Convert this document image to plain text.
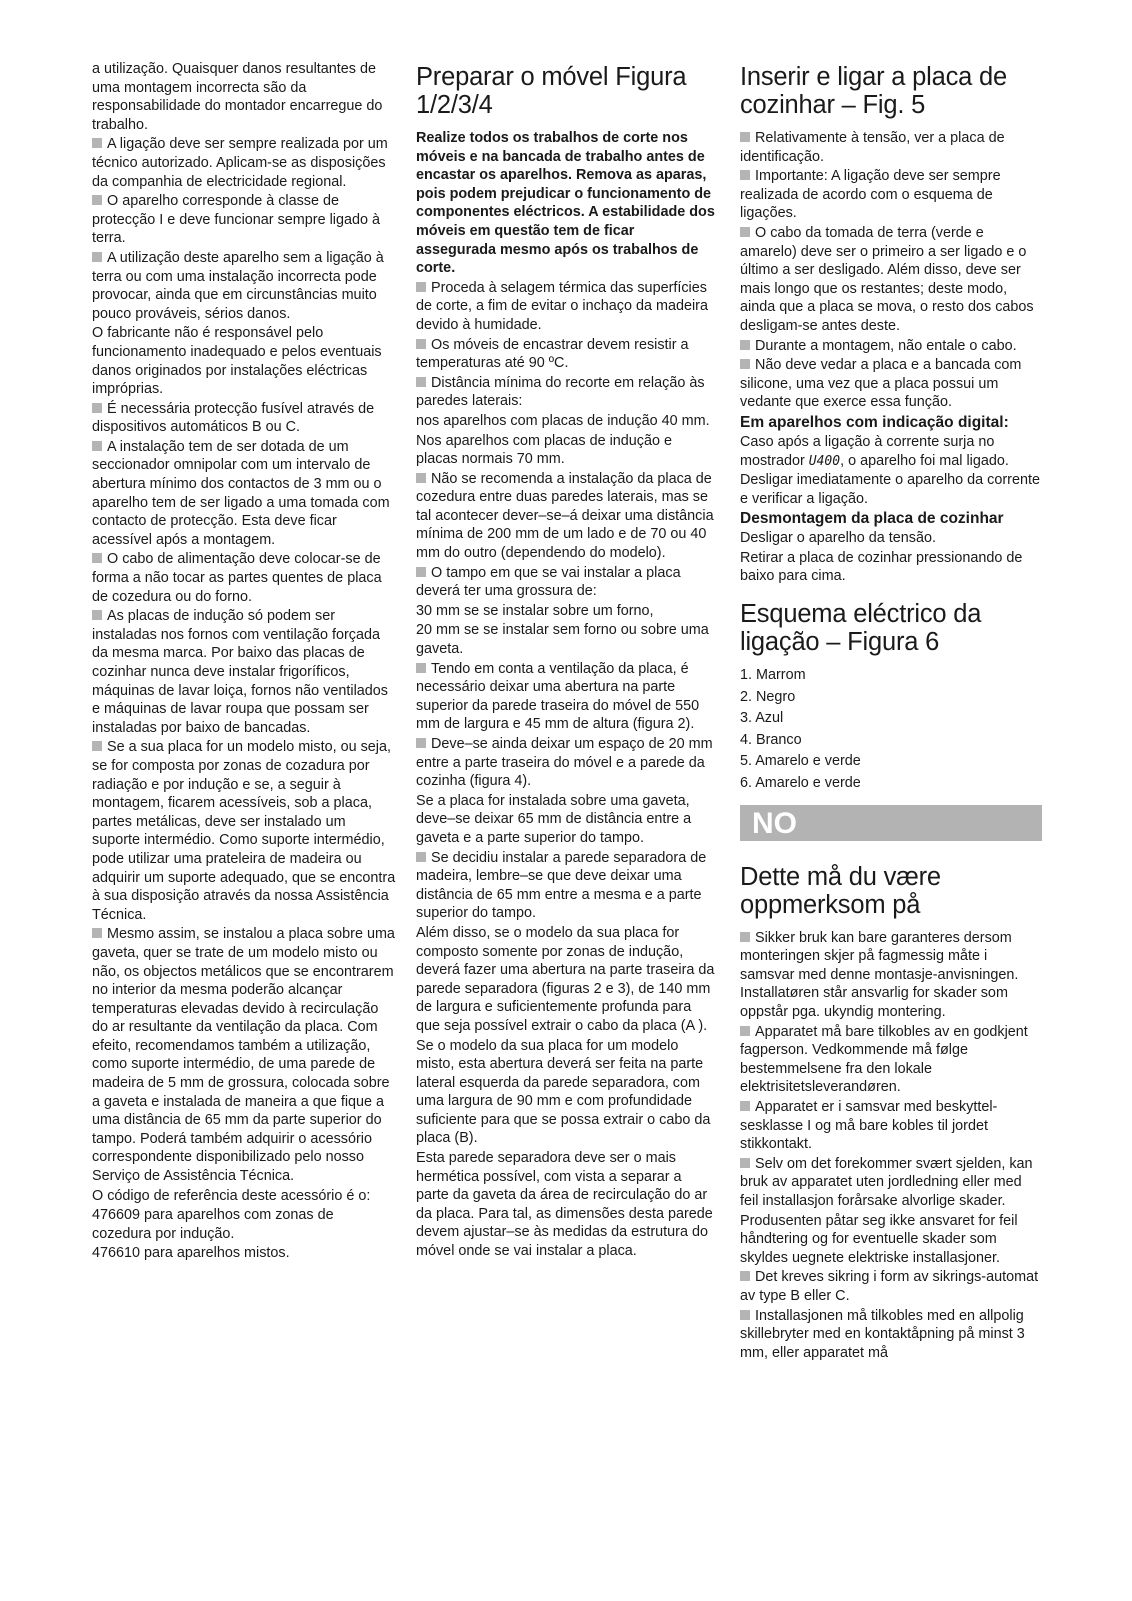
a utilização. Quaisquer danos resultantes de uma montagem incorrecta são da responsabilidade do montador encarregue do trabalho.
A ligação deve ser sempre realizada por um técnico autorizado. Aplicam-se as disposições da companhia de electricidade regional.
O aparelho corresponde à classe de protecção I e deve funcionar sempre ligado à terra.
A utilização deste aparelho sem a ligação à terra ou com uma instalação incorrecta pode provocar, ainda que em circunstâncias muito pouco prováveis, sérios danos.
O fabricante não é responsável pelo funcionamento inadequado e pelos eventuais danos originados por instalações eléctricas impróprias.
É necessária protecção fusível através de dispositivos automáticos B ou C.
A instalação tem de ser dotada de um seccionador omnipolar com um intervalo de abertura mínimo dos contactos de 3 mm ou o aparelho tem de ser ligado a uma tomada com contacto de protecção. Esta deve ficar acessível após a montagem.
O cabo de alimentação deve colocar-se de forma a não tocar as partes quentes de placa de cozedura ou do forno.
As placas de indução só podem ser instaladas nos fornos com ventilação forçada da mesma marca. Por baixo das placas de cozinhar nunca deve instalar frigoríficos, máquinas de lavar loiça, fornos não ventilados e máquinas de lavar roupa que possam ser instaladas por baixo de bancadas.
Se a sua placa for un modelo misto, ou seja, se for composta por zonas de cozadura por radiação e por indução e se, a seguir à montagem, ficarem acessíveis, sob a placa, partes metálicas, deve ser instalado um suporte intermédio. Como suporte intermédio, pode utilizar uma prateleira de madeira ou adquirir um suporte adequado, que se encontra à sua disposição através da nossa Assistência Técnica.
Mesmo assim, se instalou a placa sobre uma gaveta, quer se trate de um modelo misto ou não, os objectos metálicos que se encontrarem no interior da mesma poderão alcançar temperaturas elevadas devido à recirculação do ar resultante da ventilação da placa. Com efeito, recomendamos também a utilização, como suporte intermédio, de uma parede de madeira de 5 mm de grossura, colocada sobre a gaveta e instalada de maneira a que fique a uma distância de 65 mm da parte superior do tampo. Poderá também adquirir o acessório correspondente disponibilizado pelo nosso Serviço de Assistência Técnica.
O código de referência deste acessório é o:
476609 para aparelhos com zonas de cozedura por indução.
476610 para aparelhos mistos.
Preparar o móvel Figura 1/2/3/4
Realize todos os trabalhos de corte nos móveis e na bancada de trabalho antes de encastar os aparelhos. Remova as aparas, pois podem prejudicar o funcionamento de componentes eléctricos. A estabilidade dos móveis em questão tem de ficar assegurada mesmo após os trabalhos de corte.
Proceda à selagem térmica das superfícies de corte, a fim de evitar o inchaço da madeira devido à humidade.
Os móveis de encastrar devem resistir a temperaturas até 90 ºC.
Distância mínima do recorte em relação às paredes laterais:
nos aparelhos com placas de indução 40 mm.
Nos aparelhos com placas de indução e placas normais 70 mm.
Não se recomenda a instalação da placa de cozedura entre duas paredes laterais, mas se tal acontecer dever–se–á deixar uma distância mínima de 200 mm de um lado e de 70 ou 40 mm do outro (dependendo do modelo).
O tampo em que se vai instalar a placa deverá ter uma grossura de:
30 mm se se instalar sobre um forno,
20 mm se se instalar sem forno ou sobre uma gaveta.
Tendo em conta a ventilação da placa, é necessário deixar uma abertura na parte superior da parede traseira do móvel de 550 mm de largura e 45 mm de altura (figura 2).
Deve–se ainda deixar um espaço de 20 mm entre a parte traseira do móvel e a parede da cozinha (figura 4).
Se a placa for instalada sobre uma gaveta, deve–se deixar 65 mm de distância entre a gaveta e a parte superior do tampo.
Se decidiu instalar a parede separadora de madeira, lembre–se que deve deixar uma distância de 65 mm entre a mesma e a parte superior do tampo.
Além disso, se o modelo da sua placa for composto somente por zonas de indução, deverá fazer uma abertura na parte traseira da parede separadora (figuras 2 e 3), de 140 mm de largura e suficientemente profunda para que seja possível extrair o cabo da placa (A ).
Se o modelo da sua placa for um modelo misto, esta abertura deverá ser feita na parte lateral esquerda da parede separadora, com uma largura de 90 mm e com profundidade suficiente para que se possa extrair o cabo da placa (B).
Esta parede separadora deve ser o mais hermética possível, com vista a separar a parte da gaveta da área de recirculação do ar da placa. Para tal, as dimensões desta parede devem ajustar–se às medidas da estrutura do móvel onde se vai instalar a placa.
Inserir e ligar a placa de cozinhar – Fig. 5
Relativamente à tensão, ver a placa de identificação.
Importante: A ligação deve ser sempre realizada de acordo com o esquema de ligações.
O cabo da tomada de terra (verde e amarelo) deve ser o primeiro a ser ligado e o último a ser desligado. Além disso, deve ser mais longo que os restantes; deste modo, ainda que a placa se mova, o resto dos cabos desligam-se antes deste.
Durante a montagem, não entale o cabo.
Não deve vedar a placa e a bancada com silicone, uma vez que a placa possui um vedante que exerce essa função.
Em aparelhos com indicação digital:
Caso após a ligação à corrente surja no mostrador U400, o aparelho foi mal ligado. Desligar imediatamente o aparelho da corrente e verificar a ligação.
Desmontagem da placa de cozinhar
Desligar o aparelho da tensão.
Retirar a placa de cozinhar pressionando de baixo para cima.
Esquema eléctrico da ligação – Figura 6
1. Marrom
2. Negro
3. Azul
4. Branco
5. Amarelo e verde
6. Amarelo e verde
NO
Dette må du være oppmerksom på
Sikker bruk kan bare garanteres dersom monteringen skjer på fagmessig måte i samsvar med denne montasje-anvisningen. Installatøren står ansvarlig for skader som oppstår pga. ukyndig montering.
Apparatet må bare tilkobles av en godkjent fagperson. Vedkommende må følge bestemmelsene fra den lokale elektrisitetsleverandøren.
Apparatet er i samsvar med beskyttel-sesklasse I og må bare kobles til jordet stikkontakt.
Selv om det forekommer svært sjelden, kan bruk av apparatet uten jordledning eller med feil installasjon forårsake alvorlige skader.
Produsenten påtar seg ikke ansvaret for feil håndtering og for eventuelle skader som skyldes uegnete elektriske installasjoner.
Det kreves sikring i form av sikrings-automat av type B eller C.
Installasjonen må tilkobles med en allpolig skillebryter med en kontaktåpning på minst 3 mm, eller apparatet må
